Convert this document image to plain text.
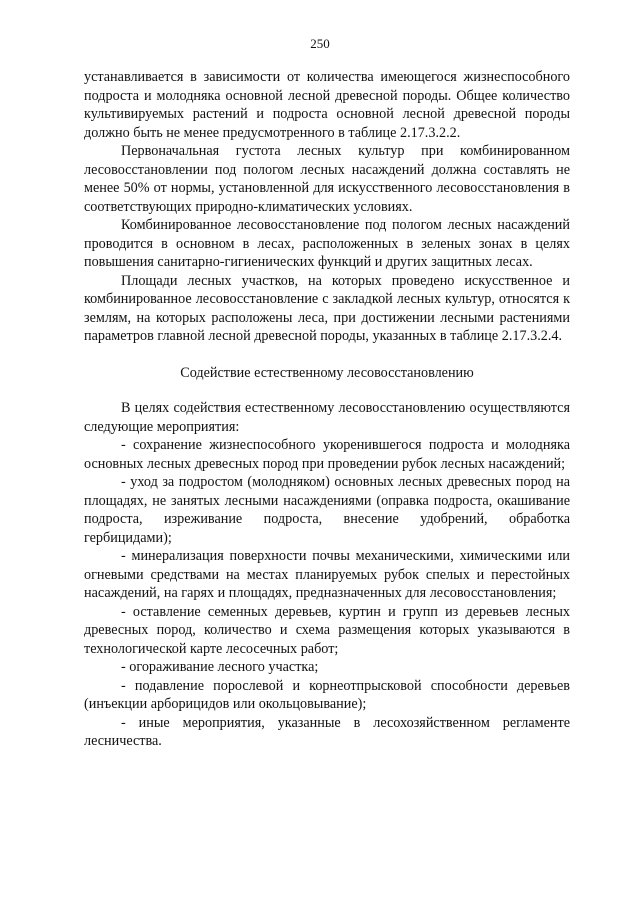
250

устанавливается в зависимости от количества имеющегося жизнеспособного подроста и молодняка основной лесной древесной породы. Общее количество культивируемых растений и подроста основной лесной древесной породы должно быть не менее предусмотренного в таблице 2.17.3.2.2.

Первоначальная густота лесных культур при комбинированном лесовосстановлении под пологом лесных насаждений должна составлять не менее 50% от нормы, установленной для искусственного лесовосстановления в соответствующих природно-климатических условиях.

Комбинированное лесовосстановление под пологом лесных насаждений проводится в основном в лесах, расположенных в зеленых зонах в целях повышения санитарно-гигиенических функций и других защитных лесах.

Площади лесных участков, на которых проведено искусственное и комбинированное лесовосстановление с закладкой лесных культур, относятся к землям, на которых расположены леса, при достижении лесными растениями параметров главной лесной древесной породы, указанных в таблице 2.17.3.2.4.

Содействие естественному лесовосстановлению

В целях содействия естественному лесовосстановлению осуществляются следующие мероприятия:

- сохранение жизнеспособного укоренившегося подроста и молодняка основных лесных древесных пород при проведении рубок лесных насаждений;

- уход за подростом (молодняком) основных лесных древесных пород на площадях, не занятых лесными насаждениями (оправка подроста, окашивание подроста, изреживание подроста, внесение удобрений, обработка гербицидами);

- минерализация поверхности почвы механическими, химическими или огневыми средствами на местах планируемых рубок спелых и перестойных насаждений, на гарях и площадях, предназначенных для лесовосстановления;

- оставление семенных деревьев, куртин и групп из деревьев лесных древесных пород, количество и схема размещения которых указываются в технологической карте лесосечных работ;

- огораживание лесного участка;

- подавление порослевой и корнеотпрысковой способности деревьев (инъекции арборицидов или окольцовывание);

- иные мероприятия, указанные в лесохозяйственном регламенте лесничества.
